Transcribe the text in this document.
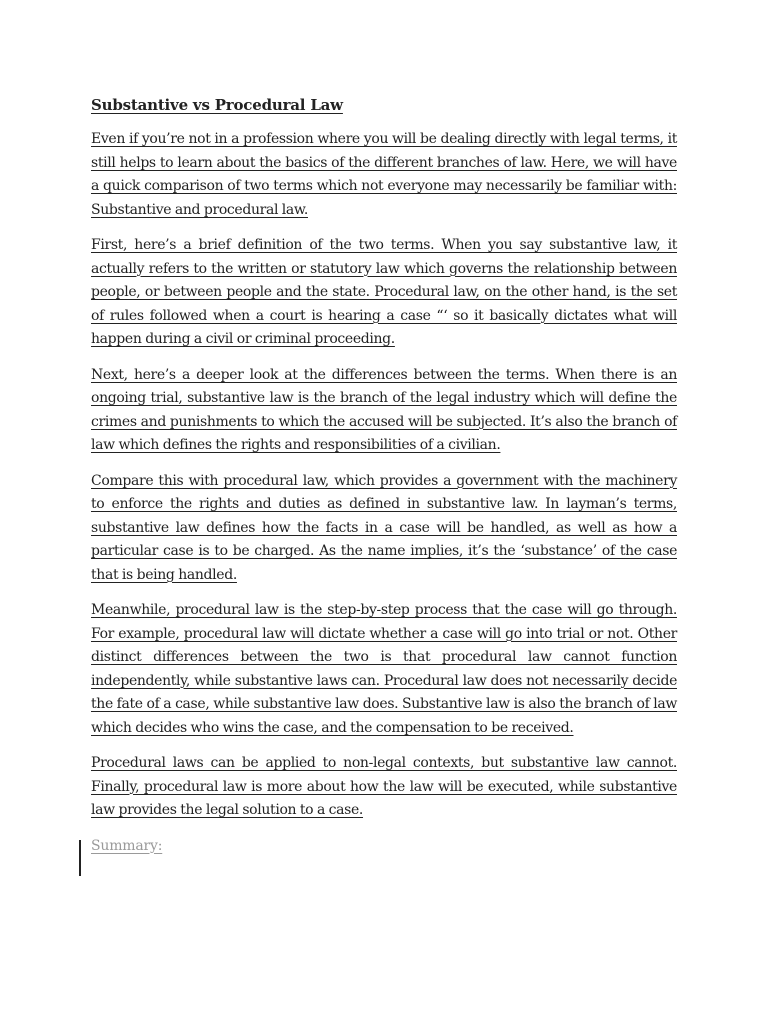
Substantive vs Procedural Law

Even if you’re not in a profession where you will be dealing directly with legal terms, it still helps to learn about the basics of the different branches of law. Here, we will have a quick comparison of two terms which not everyone may necessarily be familiar with: Substantive and procedural law.

First, here’s a brief definition of the two terms. When you say substantive law, it actually refers to the written or statutory law which governs the relationship between people, or between people and the state. Procedural law, on the other hand, is the set of rules followed when a court is hearing a case “‘ so it basically dictates what will happen during a civil or criminal proceeding.

Next, here’s a deeper look at the differences between the terms. When there is an ongoing trial, substantive law is the branch of the legal industry which will define the crimes and punishments to which the accused will be subjected. It’s also the branch of law which defines the rights and responsibilities of a civilian.

Compare this with procedural law, which provides a government with the machinery to enforce the rights and duties as defined in substantive law. In layman’s terms, substantive law defines how the facts in a case will be handled, as well as how a particular case is to be charged. As the name implies, it’s the ‘substance’ of the case that is being handled.

Meanwhile, procedural law is the step-by-step process that the case will go through. For example, procedural law will dictate whether a case will go into trial or not. Other distinct differences between the two is that procedural law cannot function independently, while substantive laws can. Procedural law does not necessarily decide the fate of a case, while substantive law does. Substantive law is also the branch of law which decides who wins the case, and the compensation to be received.

Procedural laws can be applied to non-legal contexts, but substantive law cannot. Finally, procedural law is more about how the law will be executed, while substantive law provides the legal solution to a case.

Summary:
